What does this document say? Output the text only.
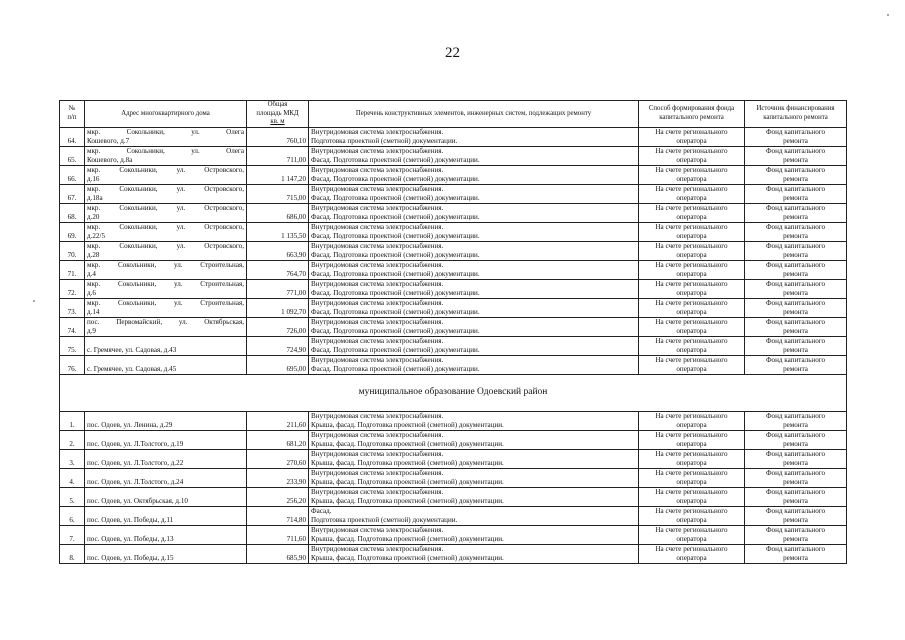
22
№
п/п	Адрес многоквартирного дома	Общая
площадь МКД
кв. м	Перечень конструктивных элементов, инженерных систем, подлежащих ремонту	Способ формирования фонда капитального ремонта	Источник финансирования капитального ремонта
64.	мкр. Сокольники, ул. Олега
Кошевого, д.7	760,10	Внутридомовая система электроснабжения.
Подготовка проектной (сметной) документации.	На счете регионального
оператора	Фонд капитального
ремонта

65.	мкр. Сокольники, ул. Олега
Кошевого, д.8а	711,00	Внутридомовая система электроснабжения.
Фасад. Подготовка проектной (сметной) документации.	На счете регионального
оператора	Фонд капитального
ремонта

66.	мкр. Сокольники, ул. Островского,
д.16	1 147,20	Внутридомовая система электроснабжения.
Фасад. Подготовка проектной (сметной) документации.	На счете регионального
оператора	Фонд капитального
ремонта

67.	мкр. Сокольники, ул. Островского,
д.18а	715,00	Внутридомовая система электроснабжения.
Фасад. Подготовка проектной (сметной) документации.	На счете регионального
оператора	Фонд капитального
ремонта

68.	мкр. Сокольники, ул. Островского,
д.20	686,00	Внутридомовая система электроснабжения.
Фасад. Подготовка проектной (сметной) документации.	На счете регионального
оператора	Фонд капитального
ремонта

69.	мкр. Сокольники, ул. Островского,
д.22/5	1 135,50	Внутридомовая система электроснабжения.
Фасад. Подготовка проектной (сметной) документации.	На счете регионального
оператора	Фонд капитального
ремонта

70.	мкр. Сокольники, ул. Островского,
д.28	663,90	Внутридомовая система электроснабжения.
Фасад. Подготовка проектной (сметной) документации.	На счете регионального
оператора	Фонд капитального
ремонта

71.	мкр. Сокольники, ул. Строительная,
д.4	764,70	Внутридомовая система электроснабжения.
Фасад. Подготовка проектной (сметной) документации.	На счете регионального
оператора	Фонд капитального
ремонта

72.	мкр. Сокольники, ул. Строительная,
д.6	771,00	Внутридомовая система электроснабжения.
Фасад. Подготовка проектной (сметной) документации.	На счете регионального
оператора	Фонд капитального
ремонта

73.	мкр. Сокольники, ул. Строительная,
д.14	1 092,70	Внутридомовая система электроснабжения.
Фасад. Подготовка проектной (сметной) документации.	На счете регионального
оператора	Фонд капитального
ремонта

74.	пос. Первомайский, ул. Октябрьская,
д.9	726,00	Внутридомовая система электроснабжения.
Фасад. Подготовка проектной (сметной) документации.	На счете регионального
оператора	Фонд капитального
ремонта

75.	с. Гремячее, ул. Садовая, д.43	724,90	Внутридомовая система электроснабжения.
Фасад. Подготовка проектной (сметной) документации.	На счете регионального
оператора	Фонд капитального
ремонта

76.	с. Гремячее, ул. Садовая, д.45	695,00	Внутридомовая система электроснабжения.
Фасад. Подготовка проектной (сметной) документации.	На счете регионального
оператора	Фонд капитального
ремонта

муниципальное образование Одоевский район					
1.	пос. Одоев, ул. Ленина, д.29	211,60	Внутридомовая система электроснабжения.
Крыша, фасад. Подготовка проектной (сметной) документации.	На счете регионального
оператора	Фонд капитального
ремонта

2.	пос. Одоев, ул. Л.Толстого, д.19	681,20	Внутридомовая система электроснабжения.
Крыша, фасад. Подготовка проектной (сметной) документации.	На счете регионального
оператора	Фонд капитального
ремонта

3.	пос. Одоев, ул. Л.Толстого, д.22	270,60	Внутридомовая система электроснабжения.
Крыша, фасад. Подготовка проектной (сметной) документации.	На счете регионального
оператора	Фонд капитального
ремонта

4.	пос. Одоев, ул. Л.Толстого, д.24	233,90	Внутридомовая система электроснабжения.
Крыша, фасад. Подготовка проектной (сметной) документации.	На счете регионального
оператора	Фонд капитального
ремонта

5.	пос. Одоев, ул. Октябрьская, д.10	256,20	Внутридомовая система электроснабжения.
Крыша, фасад. Подготовка проектной (сметной) документации.	На счете регионального
оператора	Фонд капитального
ремонта

6.	пос. Одоев, ул. Победы, д.11	714,80	Фасад.
Подготовка проектной (сметной) документации.	На счете регионального
оператора	Фонд капитального
ремонта

7.	пос. Одоев, ул. Победы, д.13	711,60	Внутридомовая система электроснабжения.
Крыша, фасад. Подготовка проектной (сметной) документации.	На счете регионального
оператора	Фонд капитального
ремонта

8.	пос. Одоев, ул. Победы, д.15	685,90	Внутридомовая система электроснабжения.
Крыша, фасад. Подготовка проектной (сметной) документации.	На счете регионального
оператора	Фонд капитального
ремонта
